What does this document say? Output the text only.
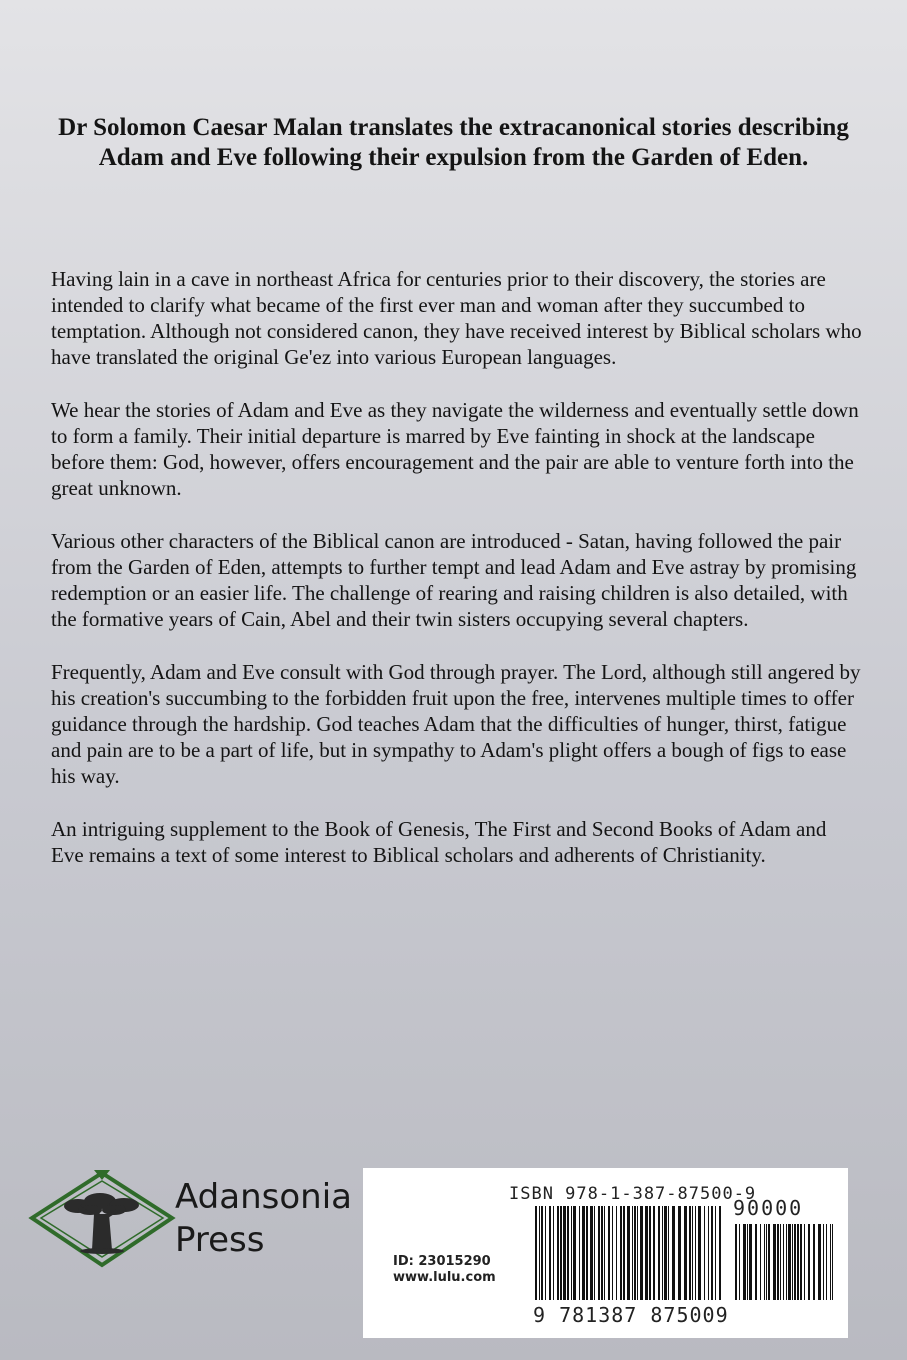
Dr Solomon Caesar Malan translates the extracanonical stories describing Adam and Eve following their expulsion from the Garden of Eden.

Having lain in a cave in northeast Africa for centuries prior to their discovery, the stories are intended to clarify what became of the first ever man and woman after they succumbed to temptation. Although not considered canon, they have received interest by Biblical scholars who have translated the original Ge'ez into various European languages.

We hear the stories of Adam and Eve as they navigate the wilderness and eventually settle down to form a family. Their initial departure is marred by Eve fainting in shock at the landscape before them: God, however, offers encouragement and the pair are able to venture forth into the great unknown.

Various other characters of the Biblical canon are introduced - Satan, having followed the pair from the Garden of Eden, attempts to further tempt and lead Adam and Eve astray by promising redemption or an easier life. The challenge of rearing and raising children is also detailed, with the formative years of Cain, Abel and their twin sisters occupying several chapters.

Frequently, Adam and Eve consult with God through prayer. The Lord, although still angered by his creation's succumbing to the forbidden fruit upon the free, intervenes multiple times to offer guidance through the hardship. God teaches Adam that the difficulties of hunger, thirst, fatigue and pain are to be a part of life, but in sympathy to Adam's plight offers a bough of figs to ease his way.

An intriguing supplement to the Book of Genesis, The First and Second Books of Adam and Eve remains a text of some interest to Biblical scholars and adherents of Christianity.

Adansonia
Press

ISBN 978-1-387-87500-9
90000
9 781387 875009
ID: 23015290
www.lulu.com
